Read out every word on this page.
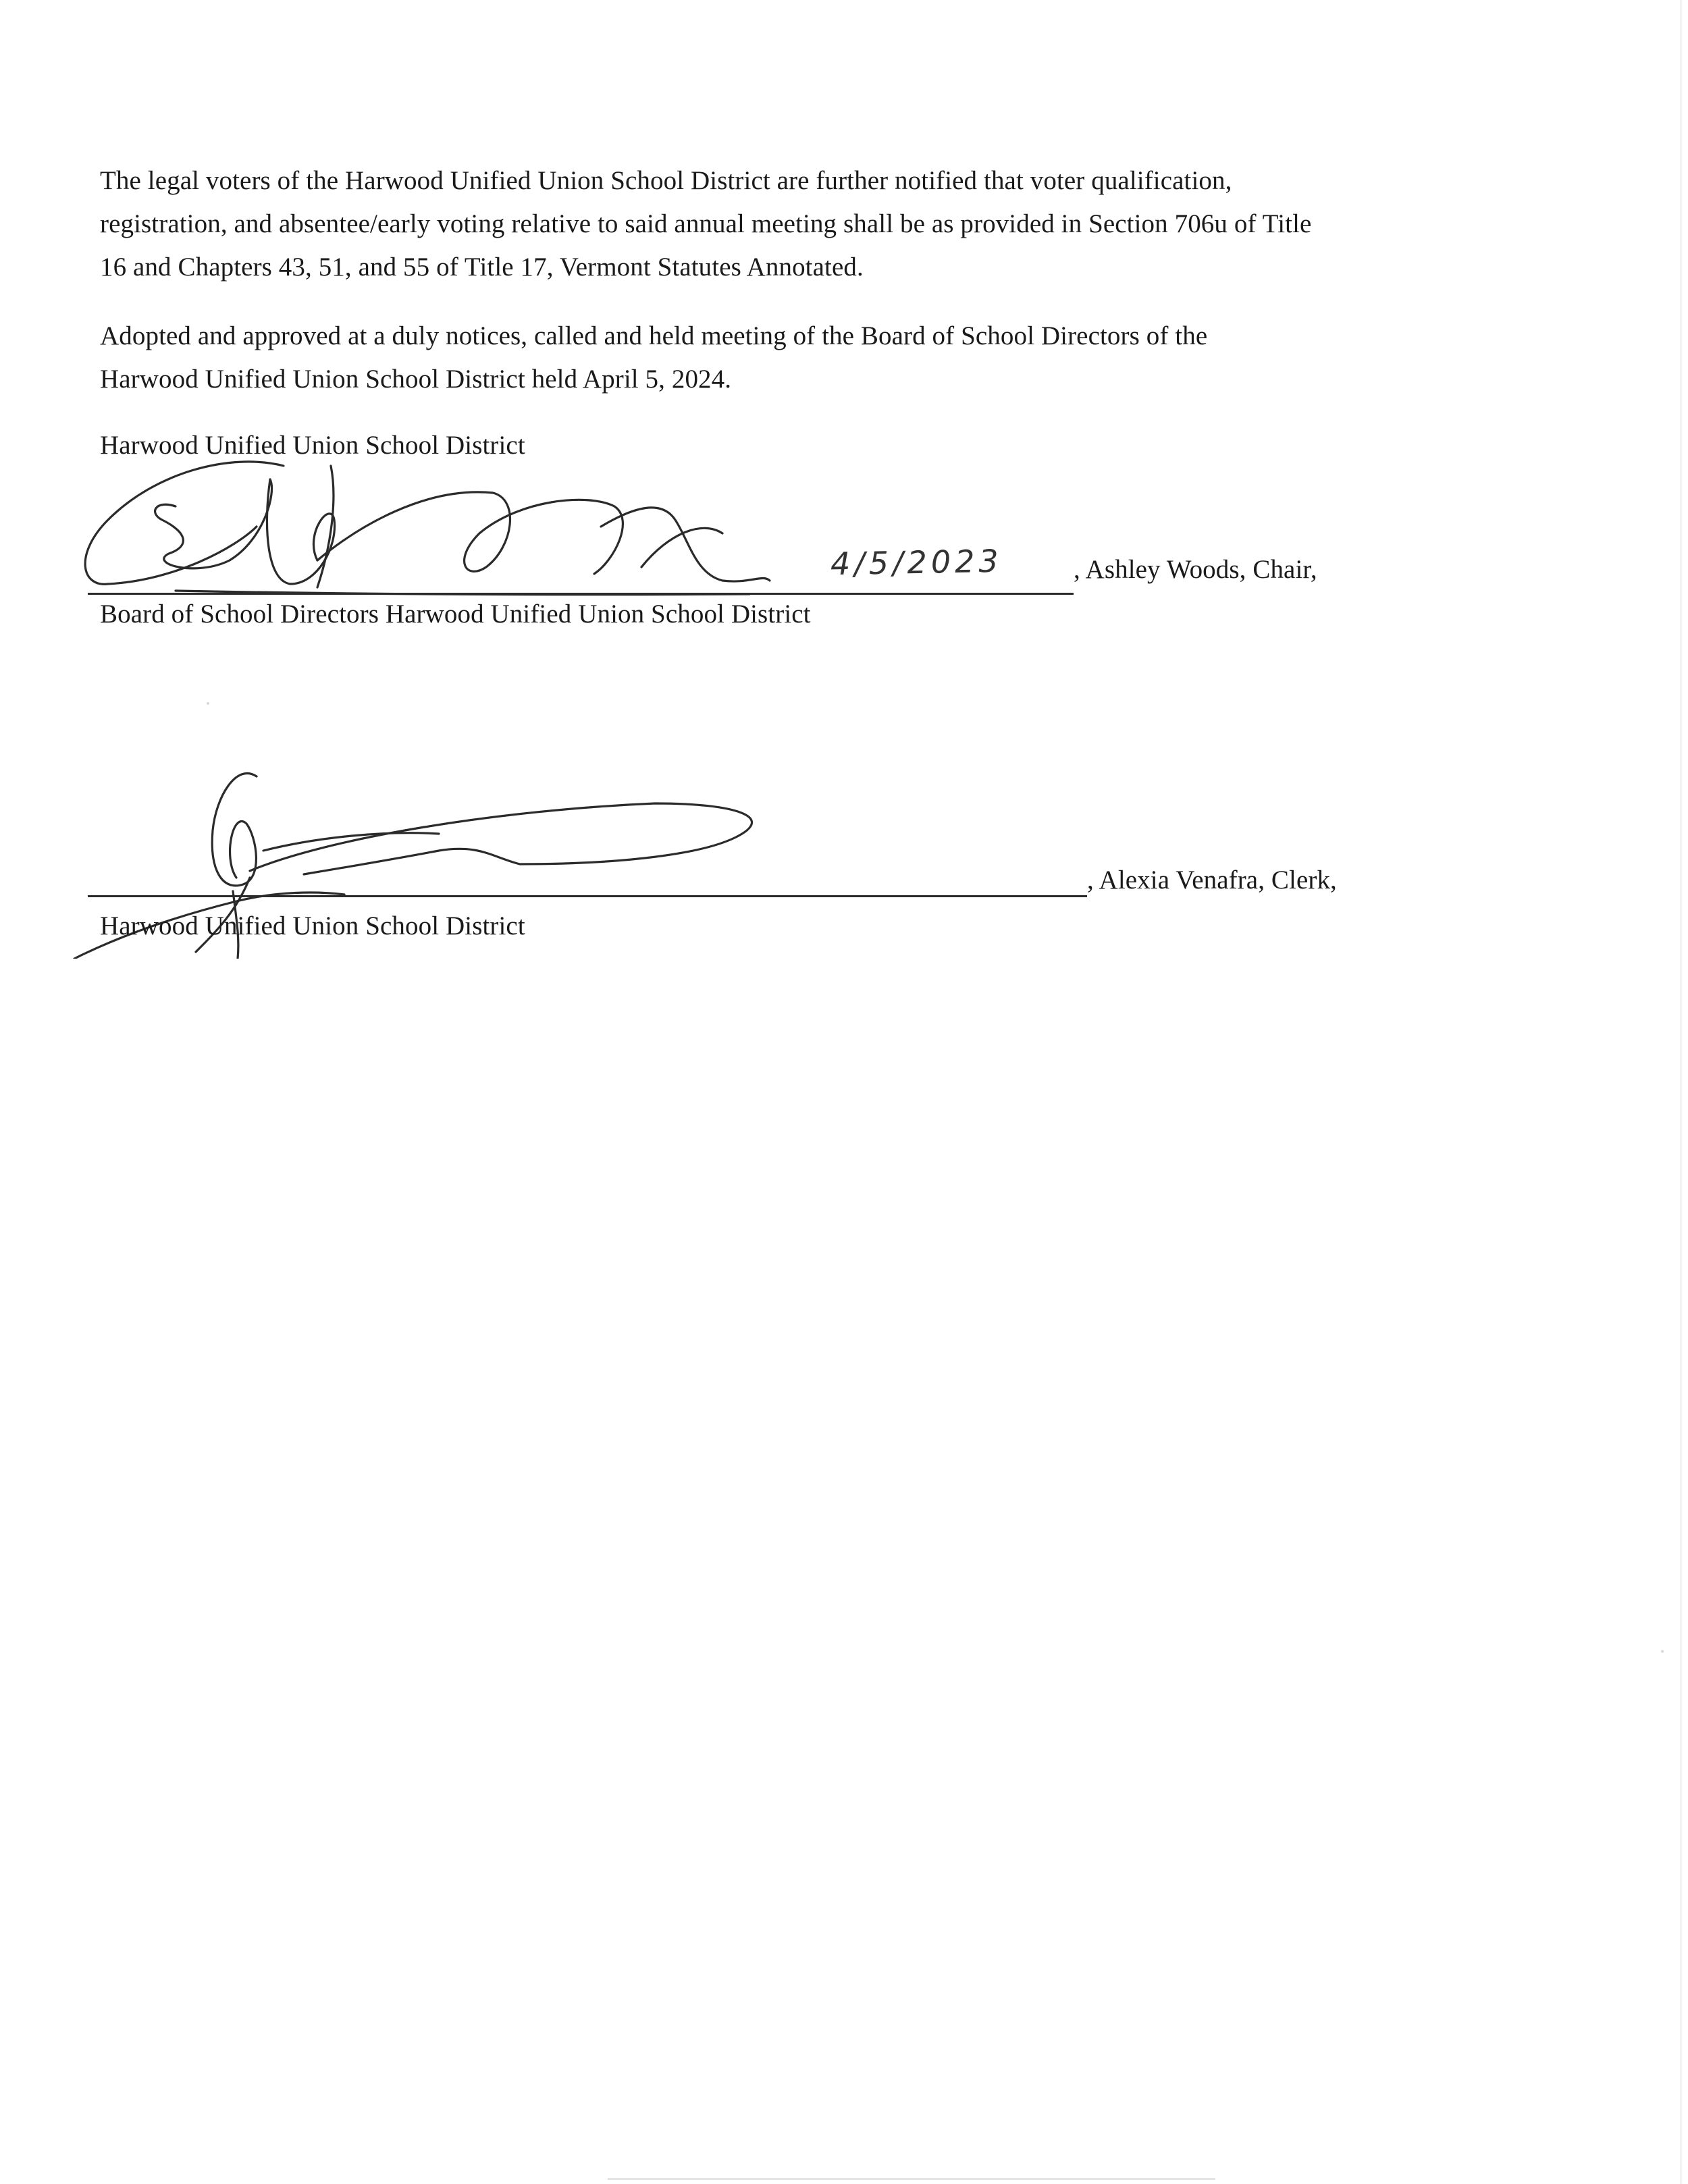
The legal voters of the Harwood Unified Union School District are further notified that voter qualification,
registration, and absentee/early voting relative to said annual meeting shall be as provided in Section 706u of Title
16 and Chapters 43, 51, and 55 of Title 17, Vermont Statutes Annotated.
Adopted and approved at a duly notices, called and held meeting of the Board of School Directors of the
Harwood Unified Union School District held April 5, 2024.
Harwood Unified Union School District
4/5/2023	, Ashley Woods, Chair,
Board of School Directors Harwood Unified Union School District
, Alexia Venafra, Clerk,
Harwood Unified Union School District
